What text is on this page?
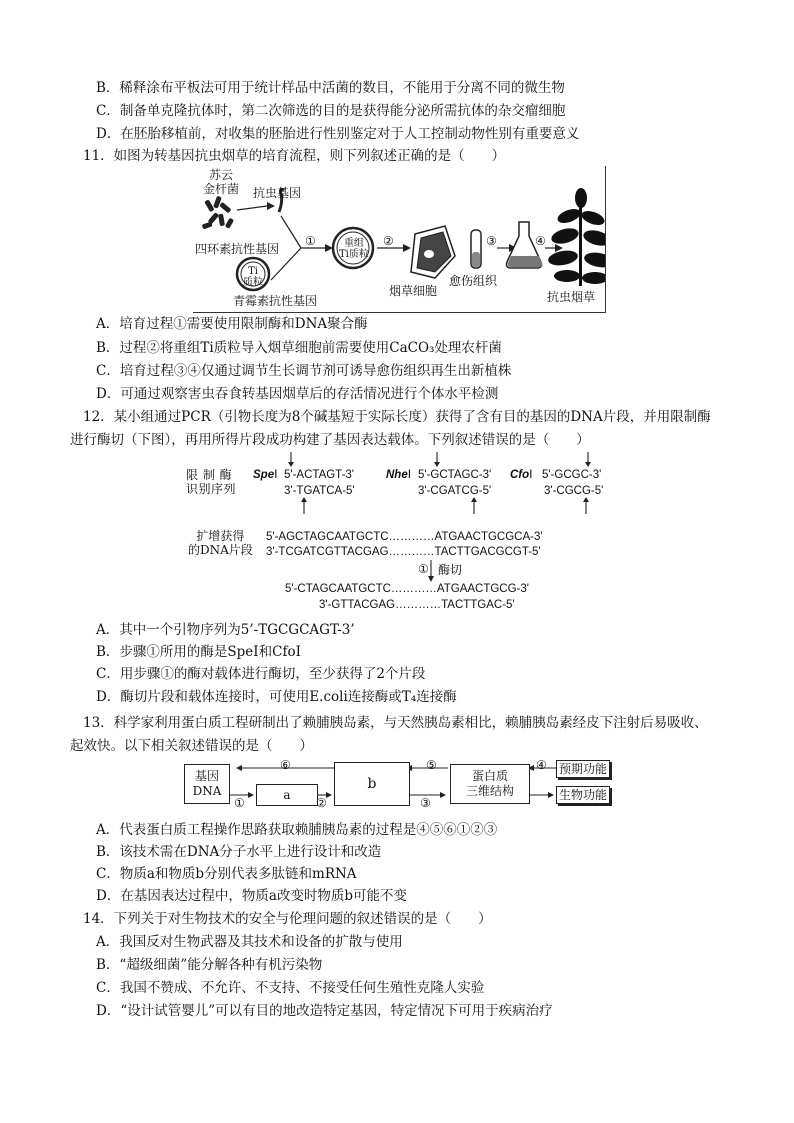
B．稀释涂布平板法可用于统计样品中活菌的数目，不能用于分离不同的微生物
C．制备单克隆抗体时，第二次筛选的目的是获得能分泌所需抗体的杂交瘤细胞
D．在胚胎移植前，对收集的胚胎进行性别鉴定对于人工控制动物性别有重要意义
11．如图为转基因抗虫烟草的培育流程，则下列叙述正确的是（　　）
苏云
金杆菌 抗虫基因
四环素抗性基因
Ti
质粒
青霉素抗性基因
①	重组
Ti质粒
②
烟草细胞
愈伤组织
③	④
抗虫烟草
A．培育过程①需要使用限制酶和DNA聚合酶
B．过程②将重组Ti质粒导入烟草细胞前需要使用CaCO₃处理农杆菌
C．培育过程③④仅通过调节生长调节剂可诱导愈伤组织再生出新植株
D．可通过观察害虫吞食转基因烟草后的存活情况进行个体水平检测
12．某小组通过PCR（引物长度为8个碱基短于实际长度）获得了含有目的基因的DNA片段，并用限制酶
进行酶切（下图），再用所得片段成功构建了基因表达载体。下列叙述错误的是（　　）
限 制 酶
识别序列
SpeⅠ 5'-ACTAGT-3'
3'-TGATCA-5'
NheⅠ 5'-GCTAGC-3'
3'-CGATCG-5'
CfoⅠ 5'-GCGC-3'
3'-CGCG-5'
扩增获得
的DNA片段
5'-AGCTAGCAATGCTC…………ATGAACTGCGCA-3'
3'-TCGATCGTTACGAG…………TACTTGACGCGT-5'
① 酶切
5'-CTAGCAATGCTC…………ATGAACTGCG-3'
3'-GTTACGAG…………TACTTGAC-5'
A．其中一个引物序列为5’-TGCGCAGT-3’
B．步骤①所用的酶是SpeⅠ和CfoⅠ
C．用步骤①的酶对载体进行酶切，至少获得了2个片段
D．酶切片段和载体连接时，可使用E.coli连接酶或T₄连接酶
13．科学家利用蛋白质工程研制出了赖脯胰岛素，与天然胰岛素相比，赖脯胰岛素经皮下注射后易吸收、
起效快。以下相关叙述错误的是（　　）
基因
DNA	a
b	蛋白质
三维结构
预期功能
生物功能
⑥	⑤	④
①	②	③
A．代表蛋白质工程操作思路获取赖脯胰岛素的过程是④⑤⑥①②③
B．该技术需在DNA分子水平上进行设计和改造
C．物质a和物质b分别代表多肽链和mRNA
D．在基因表达过程中，物质a改变时物质b可能不变
14．下列关于对生物技术的安全与伦理问题的叙述错误的是（　　）
A．我国反对生物武器及其技术和设备的扩散与使用
B．“超级细菌”能分解各种有机污染物
C．我国不赞成、不允许、不支持、不接受任何生殖性克隆人实验
D．“设计试管婴儿”可以有目的地改造特定基因，特定情况下可用于疾病治疗
